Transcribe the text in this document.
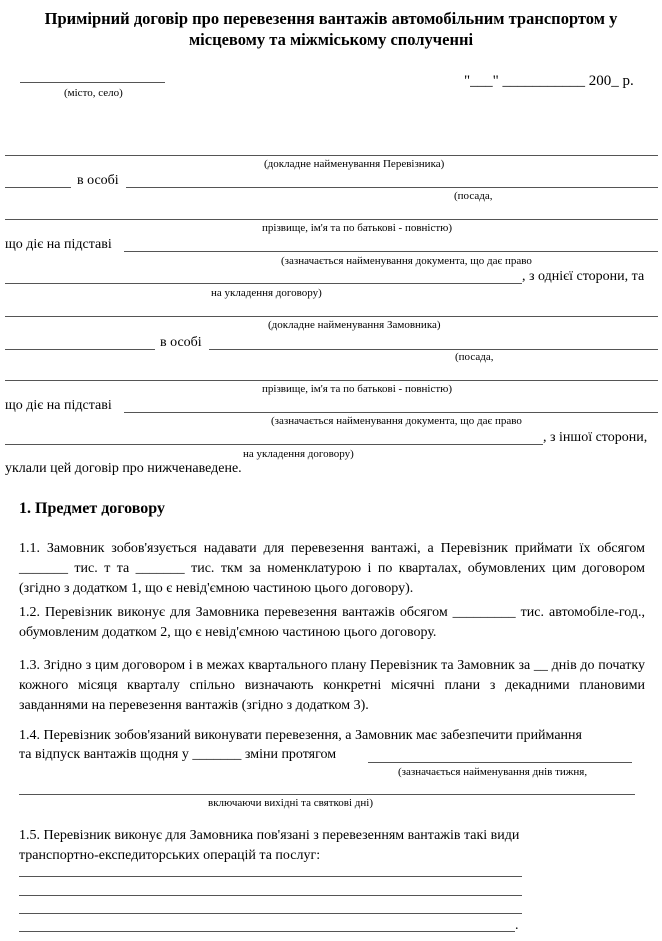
Примірний договір про перевезення вантажів автомобільним транспортом у
місцевому та міжміському сполученні
(місто, село)
"___" ___________ 200_ р.
(докладне найменування Перевізника)
в особі
(посада,
прізвище, ім'я та по батькові - повністю)
що діє на підставі
(зазначається найменування документа, що дає право
, з однієї сторони, та
на укладення договору)
(докладне найменування Замовника)
в особі
(посада,
прізвище, ім'я та по батькові - повністю)
що діє на підставі
(зазначається найменування документа, що дає право
, з іншої сторони,
на укладення договору)
уклали цей договір про нижченаведене.
1. Предмет договору
1.1. Замовник зобов'язується надавати для перевезення вантажі, а Перевізник приймати їх обсягом _______ тис. т та _______ тис. ткм за номенклатурою і по кварталах, обумовлених цим договором (згідно з додатком 1, що є невід'ємною частиною цього договору).
1.2. Перевізник виконує для Замовника перевезення вантажів обсягом _________ тис. автомобіле-год., обумовленим додатком 2, що є невід'ємною частиною цього договору.
1.3. Згідно з цим договором і в межах квартального плану Перевізник та Замовник за __ днів до початку кожного місяця кварталу спільно визначають конкретні місячні плани з декадними плановими завданнями на перевезення вантажів (згідно з додатком 3).
1.4. Перевізник зобов'язаний виконувати перевезення, а Замовник має забезпечити приймання
та відпуск вантажів щодня у _______ зміни протягом
(зазначається найменування днів тижня,
включаючи вихідні та святкові дні)
1.5. Перевізник виконує для Замовника пов'язані з перевезенням вантажів такі види транспортно-експедиторських операцій та послуг:
.
